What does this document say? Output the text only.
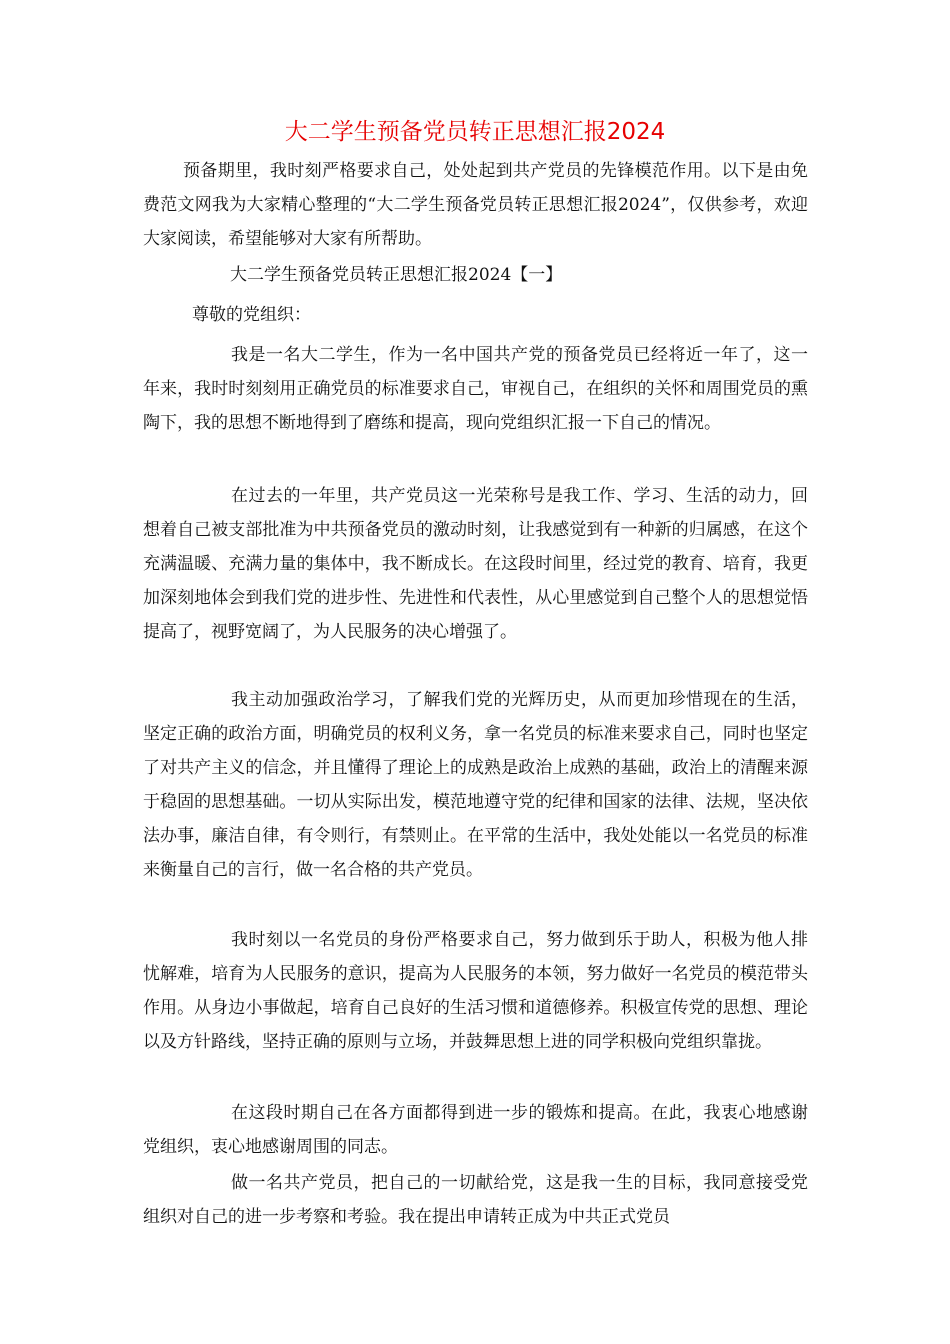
大二学生预备党员转正思想汇报2024

预备期里，我时刻严格要求自己，处处起到共产党员的先锋模范作用。以下是由免费范文网我为大家精心整理的“大二学生预备党员转正思想汇报2024”，仅供参考，欢迎大家阅读，希望能够对大家有所帮助。

大二学生预备党员转正思想汇报2024【一】

尊敬的党组织：

我是一名大二学生，作为一名中国共产党的预备党员已经将近一年了，这一年来，我时时刻刻用正确党员的标准要求自己，审视自己，在组织的关怀和周围党员的熏陶下，我的思想不断地得到了磨练和提高，现向党组织汇报一下自己的情况。

在过去的一年里，共产党员这一光荣称号是我工作、学习、生活的动力，回想着自己被支部批准为中共预备党员的激动时刻，让我感觉到有一种新的归属感，在这个充满温暖、充满力量的集体中，我不断成长。在这段时间里，经过党的教育、培育，我更加深刻地体会到我们党的进步性、先进性和代表性，从心里感觉到自己整个人的思想觉悟提高了，视野宽阔了，为人民服务的决心增强了。

我主动加强政治学习，了解我们党的光辉历史，从而更加珍惜现在的生活，坚定正确的政治方面，明确党员的权利义务，拿一名党员的标准来要求自己，同时也坚定了对共产主义的信念，并且懂得了理论上的成熟是政治上成熟的基础，政治上的清醒来源于稳固的思想基础。一切从实际出发，模范地遵守党的纪律和国家的法律、法规，坚决依法办事，廉洁自律，有令则行，有禁则止。在平常的生活中，我处处能以一名党员的标准来衡量自己的言行，做一名合格的共产党员。

我时刻以一名党员的身份严格要求自己，努力做到乐于助人，积极为他人排忧解难，培育为人民服务的意识，提高为人民服务的本领，努力做好一名党员的模范带头作用。从身边小事做起，培育自己良好的生活习惯和道德修养。积极宣传党的思想、理论以及方针路线，坚持正确的原则与立场，并鼓舞思想上进的同学积极向党组织靠拢。

在这段时期自己在各方面都得到进一步的锻炼和提高。在此，我衷心地感谢党组织，衷心地感谢周围的同志。

做一名共产党员，把自己的一切献给党，这是我一生的目标，我同意接受党组织对自己的进一步考察和考验。我在提出申请转正成为中共正式党员
